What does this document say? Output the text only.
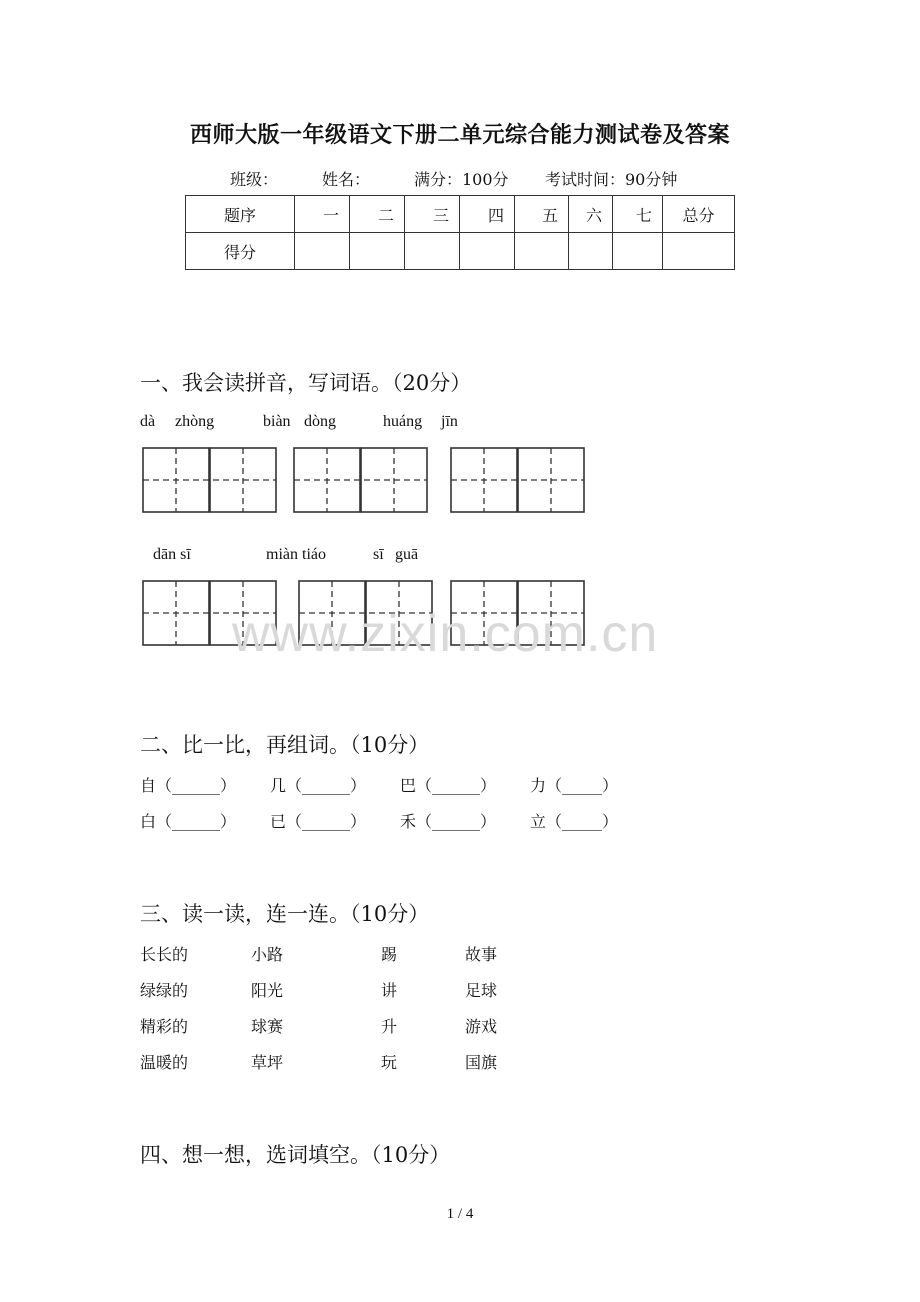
西师大版一年级语文下册二单元综合能力测试卷及答案
班级：	姓名：	满分：100分 考试时间：90分钟
题序	一	二	三	四	五	六	七	总分
得分								
一、我会读拼音，写词语。（20分）
dà zhòng	biàn dòng	huáng jīn
dān sī	miàn tiáo	sī guā
www.zixin.com.cn
二、比一比，再组词。（10分）
自（______） 几（______） 巴（______） 力（_____）
白（______） 已（______） 禾（______） 立（_____）
三、读一读，连一连。（10分）
长长的	小路	踢	故事
绿绿的	阳光	讲	足球
精彩的	球赛	升	游戏
温暖的	草坪	玩	国旗
四、想一想，选词填空。（10分）
1 / 4
